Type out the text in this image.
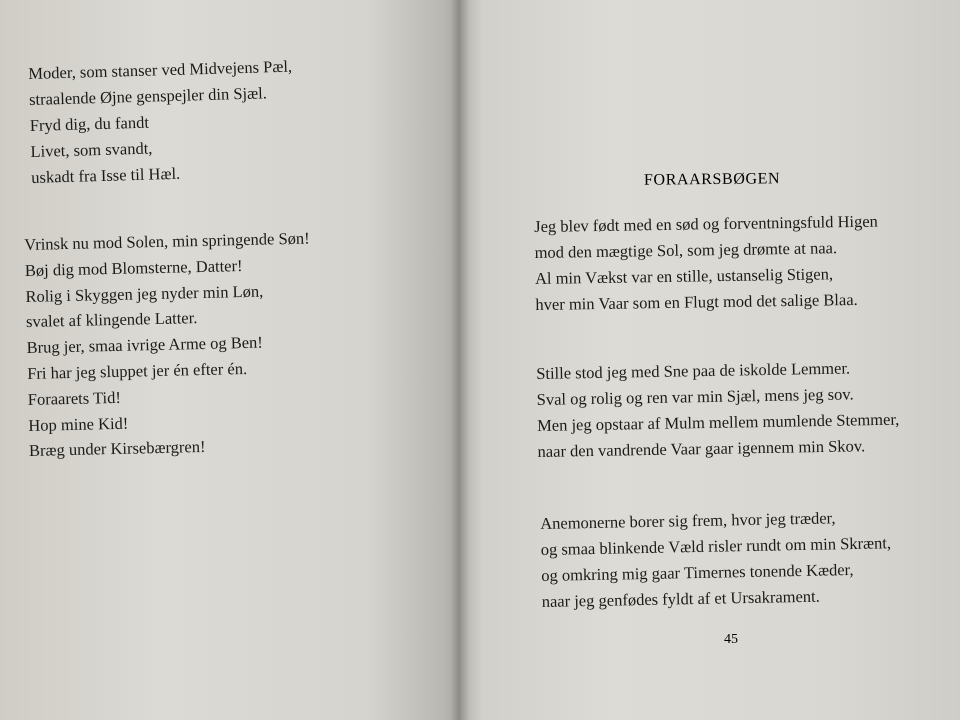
Moder, som stanser ved Midvejens Pæl,
straalende Øjne genspejler din Sjæl.
Fryd dig, du fandt
Livet, som svandt,
uskadt fra Isse til Hæl.
Vrinsk nu mod Solen, min springende Søn!
Bøj dig mod Blomsterne, Datter!
Rolig i Skyggen jeg nyder min Løn,
svalet af klingende Latter.
Brug jer, smaa ivrige Arme og Ben!
Fri har jeg sluppet jer én efter én.
Foraarets Tid!
Hop mine Kid!
Bræg under Kirsebærgren!
Jeg blev født med en sød og forventningsfuld Higen
mod den mægtige Sol, som jeg drømte at naa.
Al min Vækst var en stille, ustanselig Stigen,
hver min Vaar som en Flugt mod det salige Blaa.
Stille stod jeg med Sne paa de iskolde Lemmer.
Sval og rolig og ren var min Sjæl, mens jeg sov.
Men jeg opstaar af Mulm mellem mumlende Stemmer,
naar den vandrende Vaar gaar igennem min Skov.
Anemonerne borer sig frem, hvor jeg træder,
og smaa blinkende Væld risler rundt om min Skrænt,
og omkring mig gaar Timernes tonende Kæder,
naar jeg genfødes fyldt af et Ursakrament.
FORAARSBØGEN

45
